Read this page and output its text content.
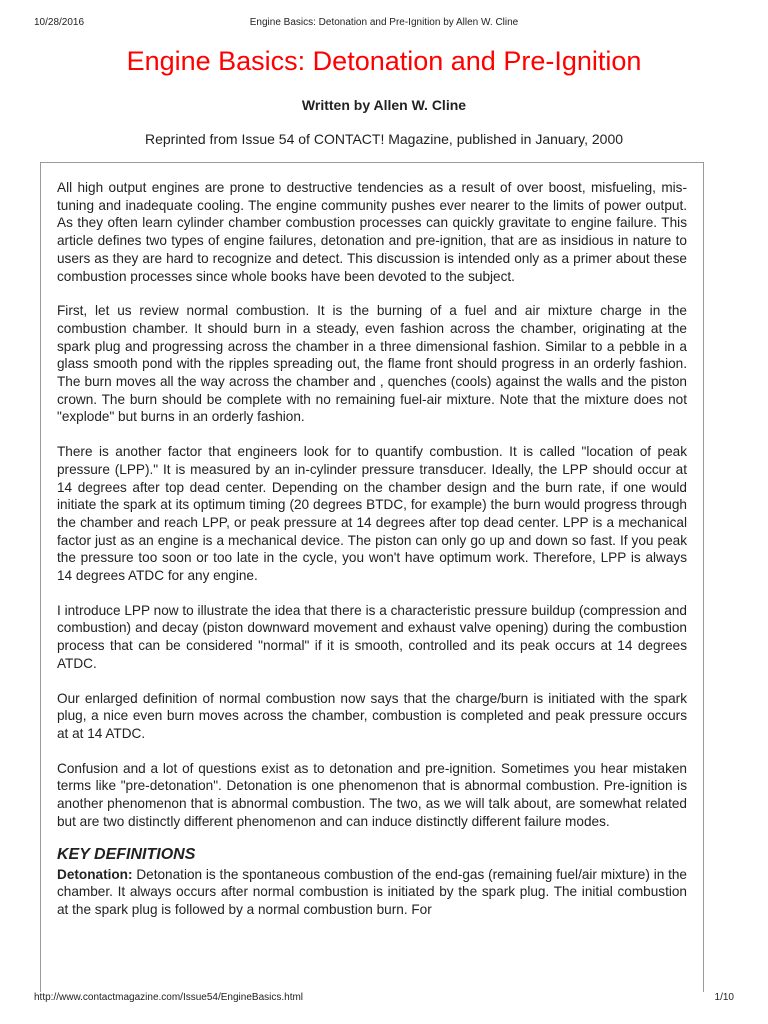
10/28/2016	Engine Basics: Detonation and Pre-Ignition by Allen W. Cline
Engine Basics: Detonation and Pre-Ignition
Written by Allen W. Cline
Reprinted from Issue 54 of CONTACT! Magazine, published in January, 2000

All high output engines are prone to destructive tendencies as a result of over boost, misfueling, mis-tuning and inadequate cooling. The engine community pushes ever nearer to the limits of power output. As they often learn cylinder chamber combustion processes can quickly gravitate to engine failure. This article defines two types of engine failures, detonation and pre-ignition, that are as insidious in nature to users as they are hard to recognize and detect. This discussion is intended only as a primer about these combustion processes since whole books have been devoted to the subject.

First, let us review normal combustion. It is the burning of a fuel and air mixture charge in the combustion chamber. It should burn in a steady, even fashion across the chamber, originating at the spark plug and progressing across the chamber in a three dimensional fashion. Similar to a pebble in a glass smooth pond with the ripples spreading out, the flame front should progress in an orderly fashion. The burn moves all the way across the chamber and , quenches (cools) against the walls and the piston crown. The burn should be complete with no remaining fuel-air mixture. Note that the mixture does not "explode" but burns in an orderly fashion.

There is another factor that engineers look for to quantify combustion. It is called "location of peak pressure (LPP)." It is measured by an in-cylinder pressure transducer. Ideally, the LPP should occur at 14 degrees after top dead center. Depending on the chamber design and the burn rate, if one would initiate the spark at its optimum timing (20 degrees BTDC, for example) the burn would progress through the chamber and reach LPP, or peak pressure at 14 degrees after top dead center. LPP is a mechanical factor just as an engine is a mechanical device. The piston can only go up and down so fast. If you peak the pressure too soon or too late in the cycle, you won't have optimum work. Therefore, LPP is always 14 degrees ATDC for any engine.

I introduce LPP now to illustrate the idea that there is a characteristic pressure buildup (compression and combustion) and decay (piston downward movement and exhaust valve opening) during the combustion process that can be considered "normal" if it is smooth, controlled and its peak occurs at 14 degrees ATDC.

Our enlarged definition of normal combustion now says that the charge/burn is initiated with the spark plug, a nice even burn moves across the chamber, combustion is completed and peak pressure occurs at at 14 ATDC.

Confusion and a lot of questions exist as to detonation and pre-ignition. Sometimes you hear mistaken terms like "pre-detonation". Detonation is one phenomenon that is abnormal combustion. Pre-ignition is another phenomenon that is abnormal combustion. The two, as we will talk about, are somewhat related but are two distinctly different phenomenon and can induce distinctly different failure modes.

KEY DEFINITIONS

Detonation: Detonation is the spontaneous combustion of the end-gas (remaining fuel/air mixture) in the chamber. It always occurs after normal combustion is initiated by the spark plug. The initial combustion at the spark plug is followed by a normal combustion burn. For

http://www.contactmagazine.com/Issue54/EngineBasics.html	1/10
